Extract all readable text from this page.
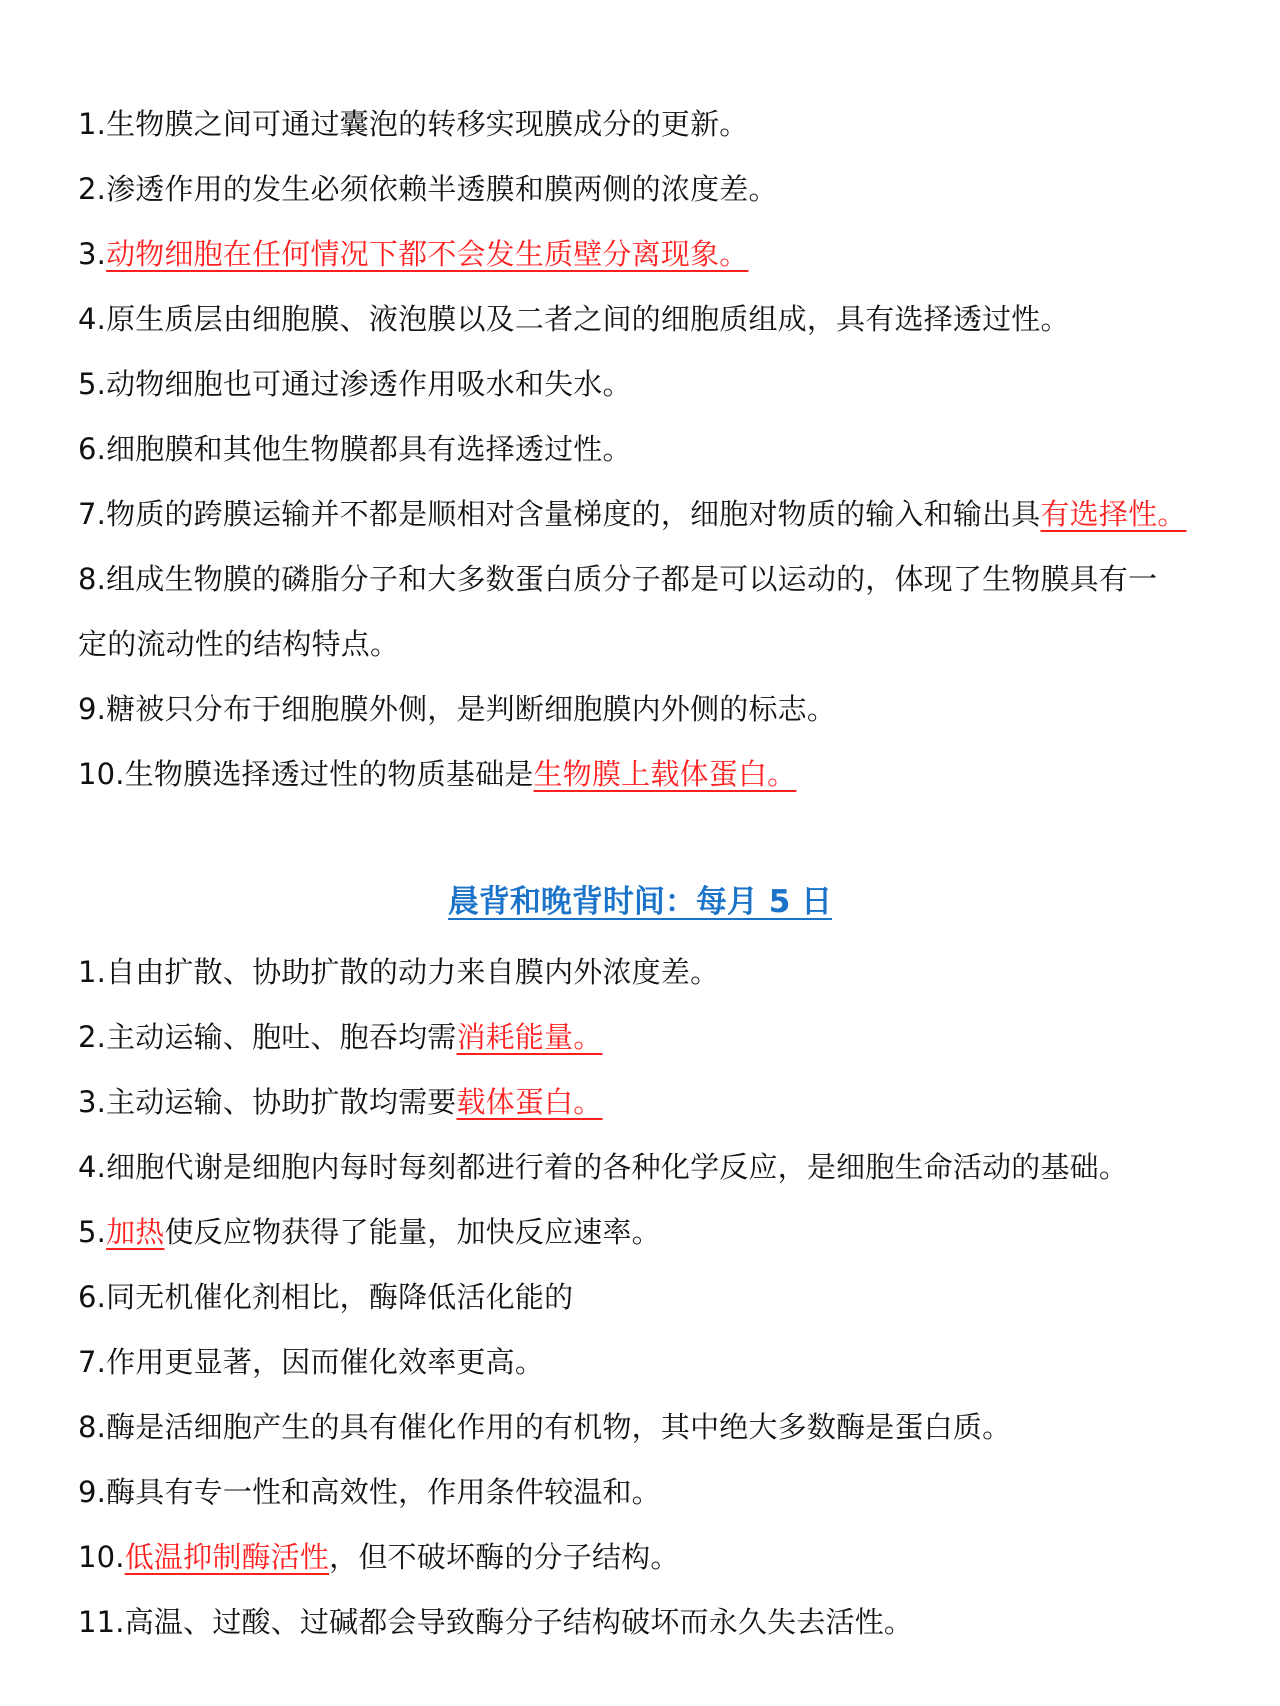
1.生物膜之间可通过囊泡的转移实现膜成分的更新。
2.渗透作用的发生必须依赖半透膜和膜两侧的浓度差。
3.动物细胞在任何情况下都不会发生质壁分离现象。
4.原生质层由细胞膜、液泡膜以及二者之间的细胞质组成，具有选择透过性。
5.动物细胞也可通过渗透作用吸水和失水。
6.细胞膜和其他生物膜都具有选择透过性。
7.物质的跨膜运输并不都是顺相对含量梯度的，细胞对物质的输入和输出具有选择性。
8.组成生物膜的磷脂分子和大多数蛋白质分子都是可以运动的，体现了生物膜具有一
定的流动性的结构特点。
9.糖被只分布于细胞膜外侧，是判断细胞膜内外侧的标志。
10.生物膜选择透过性的物质基础是生物膜上载体蛋白。
晨背和晚背时间：每月 5 日
1.自由扩散、协助扩散的动力来自膜内外浓度差。
2.主动运输、胞吐、胞吞均需消耗能量。
3.主动运输、协助扩散均需要载体蛋白。
4.细胞代谢是细胞内每时每刻都进行着的各种化学反应，是细胞生命活动的基础。
5.加热使反应物获得了能量，加快反应速率。
6.同无机催化剂相比，酶降低活化能的
7.作用更显著，因而催化效率更高。
8.酶是活细胞产生的具有催化作用的有机物，其中绝大多数酶是蛋白质。
9.酶具有专一性和高效性，作用条件较温和。
10.低温抑制酶活性，但不破坏酶的分子结构。
11.高温、过酸、过碱都会导致酶分子结构破坏而永久失去活性。
